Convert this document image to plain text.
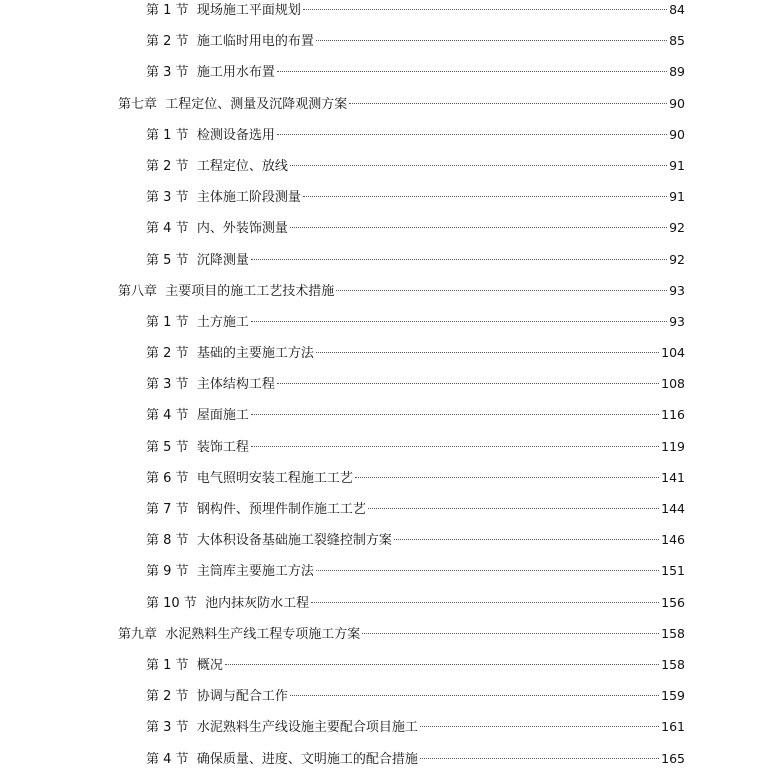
第 1 节 现场施工平面规划	84
第 2 节 施工临时用电的布置	85
第 3 节 施工用水布置	89
第七章 工程定位、测量及沉降观测方案	90
第 1 节 检测设备选用	90
第 2 节 工程定位、放线	91
第 3 节 主体施工阶段测量	91
第 4 节 内、外装饰测量	92
第 5 节 沉降测量	92
第八章 主要项目的施工工艺技术措施	93
第 1 节 土方施工	93
第 2 节 基础的主要施工方法	104
第 3 节 主体结构工程	108
第 4 节 屋面施工	116
第 5 节 装饰工程	119
第 6 节 电气照明安装工程施工工艺	141
第 7 节 钢构件、预埋件制作施工工艺	144
第 8 节 大体积设备基础施工裂缝控制方案	146
第 9 节 主筒库主要施工方法	151
第 10 节 池内抹灰防水工程	156
第九章 水泥熟料生产线工程专项施工方案	158
第 1 节 概况	158
第 2 节 协调与配合工作	159
第 3 节 水泥熟料生产线设施主要配合项目施工	161
第 4 节 确保质量、进度、文明施工的配合措施	165
